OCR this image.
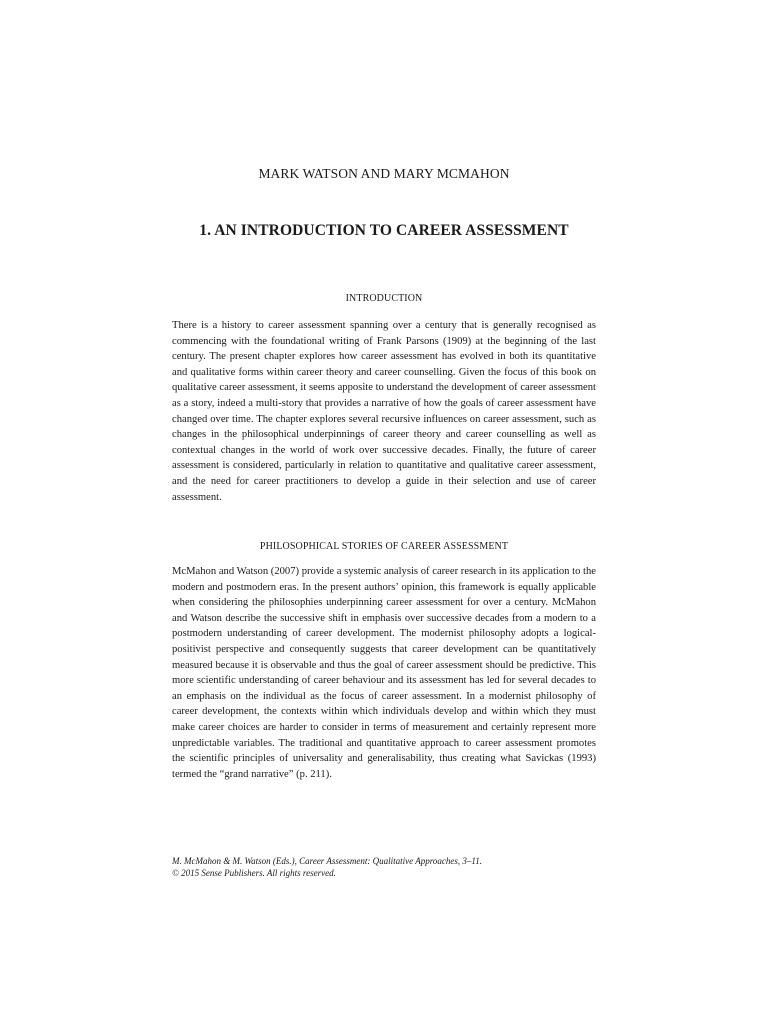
MARK WATSON AND MARY MCMAHON
1. AN INTRODUCTION TO CAREER ASSESSMENT
INTRODUCTION

There is a history to career assessment spanning over a century that is generally recognised as commencing with the foundational writing of Frank Parsons (1909) at the beginning of the last century. The present chapter explores how career assessment has evolved in both its quantitative and qualitative forms within career theory and career counselling. Given the focus of this book on qualitative career assessment, it seems apposite to understand the development of career assessment as a story, indeed a multi-story that provides a narrative of how the goals of career assessment have changed over time. The chapter explores several recursive influences on career assessment, such as changes in the philosophical underpinnings of career theory and career counselling as well as contextual changes in the world of work over successive decades. Finally, the future of career assessment is considered, particularly in relation to quantitative and qualitative career assessment, and the need for career practitioners to develop a guide in their selection and use of career assessment.

PHILOSOPHICAL STORIES OF CAREER ASSESSMENT

McMahon and Watson (2007) provide a systemic analysis of career research in its application to the modern and postmodern eras. In the present authors’ opinion, this framework is equally applicable when considering the philosophies underpinning career assessment for over a century. McMahon and Watson describe the successive shift in emphasis over successive decades from a modern to a postmodern understanding of career development. The modernist philosophy adopts a logical-positivist perspective and consequently suggests that career development can be quantitatively measured because it is observable and thus the goal of career assessment should be predictive. This more scientific understanding of career behaviour and its assessment has led for several decades to an emphasis on the individual as the focus of career assessment. In a modernist philosophy of career development, the contexts within which individuals develop and within which they must make career choices are harder to consider in terms of measurement and certainly represent more unpredictable variables. The traditional and quantitative approach to career assessment promotes the scientific principles of universality and generalisability, thus creating what Savickas (1993) termed the “grand narrative” (p. 211).

M. McMahon & M. Watson (Eds.), Career Assessment: Qualitative Approaches, 3–11.
© 2015 Sense Publishers. All rights reserved.
